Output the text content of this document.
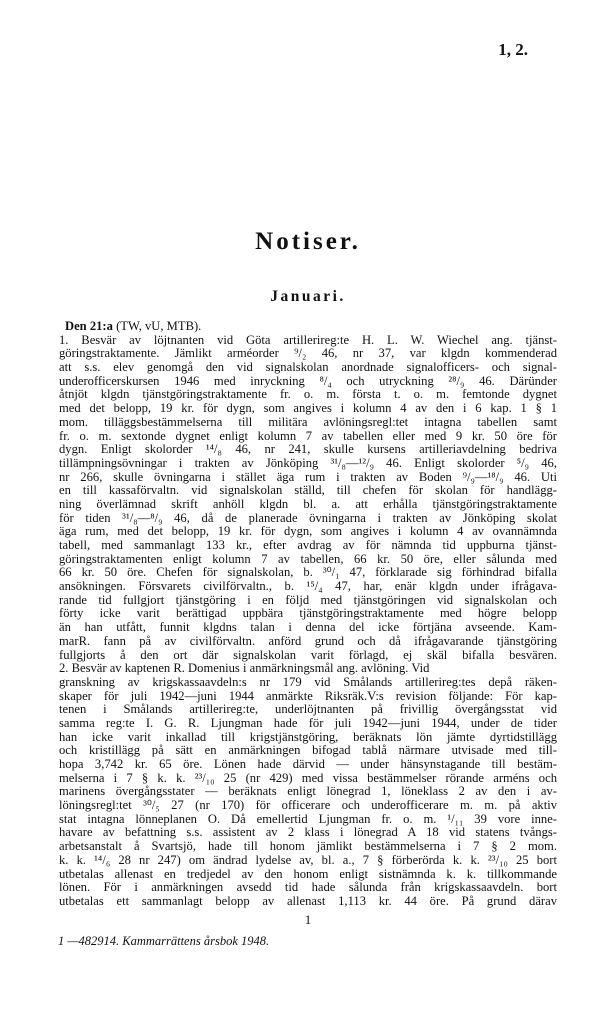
1, 2.
Notiser.
Januari.
Den 21:a (TW, vU, MTB).
1. Besvär av löjtnanten vid Göta artillerireg:te H. L. W. Wiechel ang. tjänst-
göringstraktamente. Jämlikt arméorder ⁹/₂ 46, nr 37, var klgdn kommenderad
att s.s. elev genomgå den vid signalskolan anordnade signalofficers- och signal-
underofficerskursen 1946 med inryckning ⁸/₄ och utryckning ²⁸/₉ 46. Däründer
åtnjöt klgdn tjänstgöringstraktamente fr. o. m. första t. o. m. femtonde dygnet
med det belopp, 19 kr. för dygn, som angives i kolumn 4 av den i 6 kap. 1 § 1
mom. tilläggsbestämmelserna till militära avlöningsregl:tet intagna tabellen samt
fr. o. m. sextonde dygnet enligt kolumn 7 av tabellen eller med 9 kr. 50 öre för
dygn. Enligt skolorder ¹⁴/₈ 46, nr 241, skulle kursens artilleriavdelning bedriva
tillämpningsövningar i trakten av Jönköping ³¹/₈—¹²/₉ 46. Enligt skolorder ⁵/₉ 46,
nr 266, skulle övningarna i stället äga rum i trakten av Boden ⁹/₉—¹⁸/₉ 46. Uti
en till kassaförvaltn. vid signalskolan ställd, till chefen för skolan för handlägg-
ning överlämnad skrift anhöll klgdn bl. a. att erhålla tjänstgöringstraktamente
för tiden ³¹/₈—⁸/₉ 46, då de planerade övningarna i trakten av Jönköping skolat
äga rum, med det belopp, 19 kr. för dygn, som angives i kolumn 4 av ovannämnda
tabell, med sammanlagt 133 kr., efter avdrag av för nämnda tid uppburna tjänst-
göringstraktamenten enligt kolumn 7 av tabellen, 66 kr. 50 öre, eller sålunda med
66 kr. 50 öre. Chefen för signalskolan, b. ³⁰/₁ 47, förklarade sig förhindrad bifalla
ansökningen. Försvarets civilförvaltn., b. ¹⁵/₄ 47, har, enär klgdn under ifrågava-
rande tid fullgjort tjänstgöring i en följd med tjänstgöringen vid signalskolan och
förty icke varit berättigad uppbära tjänstgöringstraktamente med högre belopp
än han utfått, funnit klgdns talan i denna del icke förtjäna avseende. Kam-
marR. fann på av civilförvaltn. anförd grund och då ifrågavarande tjänstgöring
fullgjorts å den ort där signalskolan varit förlagd, ej skäl bifalla besvären.
2. Besvär av kaptenen R. Domenius i anmärkningsmål ang. avlöning. Vid
granskning av krigskassaavdeln:s nr 179 vid Smålands artillerireg:tes depå räken-
skaper för juli 1942—juni 1944 anmärkte Riksräk.V:s revision följande: För kap-
tenen i Smålands artillerireg:te, underlöjtnanten på frivillig övergångsstat vid
samma reg:te I. G. R. Ljungman hade för juli 1942—juni 1944, under de tider
han icke varit inkallad till krigstjänstgöring, beräknats lön jämte dyrtidstillägg
och kristillägg på sätt en anmärkningen bifogad tablå närmare utvisade med till-
hopa 3,742 kr. 65 öre. Lönen hade därvid — under hänsynstagande till bestäm-
melserna i 7 § k. k. ²³/₁₀ 25 (nr 429) med vissa bestämmelser rörande arméns och
marinens övergångsstater — beräknats enligt lönegrad 1, löneklass 2 av den i av-
löningsregl:tet ³⁰/₅ 27 (nr 170) för officerare och underofficerare m. m. på aktiv
stat intagna lönneplanen O. Då emellertid Ljungman fr. o. m. ¹/₁₁ 39 vore inne-
havare av befattning s.s. assistent av 2 klass i lönegrad A 18 vid statens tvångs-
arbetsanstalt å Svartsjö, hade till honom jämlikt bestämmelserna i 7 § 2 mom.
k. k. ¹⁴/₆ 28 nr 247) om ändrad lydelse av, bl. a., 7 § förberörda k. k. ²³/₁₀ 25 bort
utbetalas allenast en tredjedel av den honom enligt sistnämnda k. k. tillkommande
lönen. För i anmärkningen avsedd tid hade sålunda från krigskassaavdeln. bort
utbetalas ett sammanlagt belopp av allenast 1,113 kr. 44 öre. På grund därav
1
1 —482914. Kammarrättens årsbok 1948.
